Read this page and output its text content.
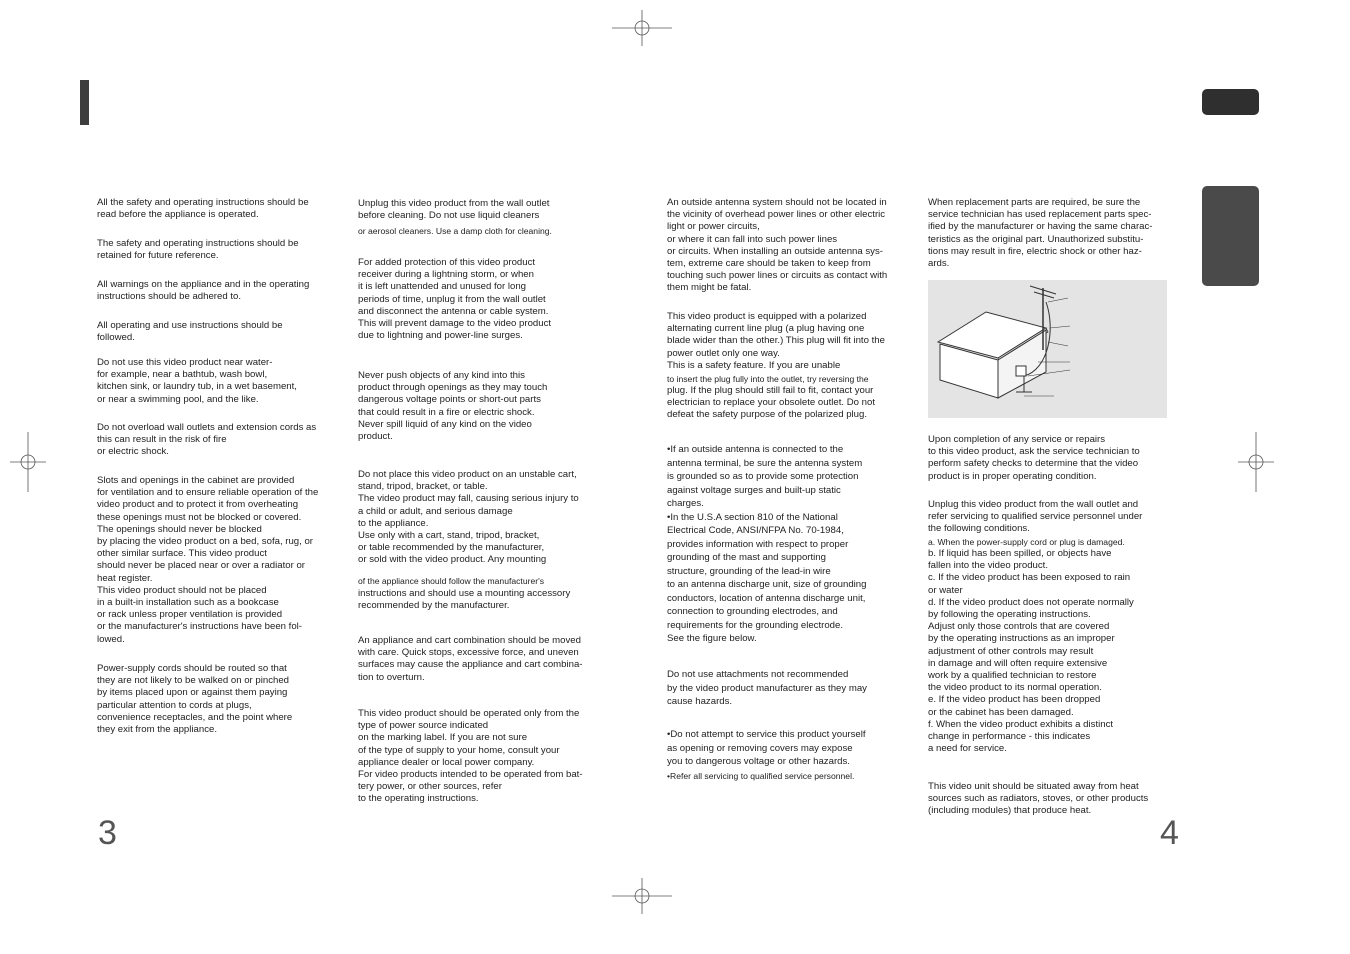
All the safety and operating instructions should be
read before the appliance is operated.

The safety and operating instructions should be
retained for future reference.

All warnings on the appliance and in the operating
instructions should be adhered to.

All operating and use instructions should be
followed.

Do not use this video product near water-
for example, near a bathtub, wash bowl,
kitchen sink, or laundry tub, in a wet basement,
or near a swimming pool, and the like.

Do not overload wall outlets and extension cords as
this can result in the risk of fire
or electric shock.

Slots and openings in the cabinet are provided
for ventilation and to ensure reliable operation of the
video product and to protect it from overheating
these openings must not be blocked or covered.
The openings should never be blocked
by placing the video product on a bed, sofa, rug, or
other similar surface. This video product
should never be placed near or over a radiator or
heat register.
This video product should not be placed
in a built-in installation such as a bookcase
or rack unless proper ventilation is provided
or the manufacturer's instructions have been fol-
lowed.

Power-supply cords should be routed so that
they are not likely to be walked on or pinched
by items placed upon or against them paying
particular attention to cords at plugs,
convenience receptacles, and the point where
they exit from the appliance.

Unplug this video product from the wall outlet
before cleaning. Do not use liquid cleaners

or aerosol cleaners. Use a damp cloth for cleaning.

For added protection of this video product
receiver during a lightning storm, or when
it is left unattended and unused for long
periods of time, unplug it from the wall outlet
and disconnect the antenna or cable system.
This will prevent damage to the video product
due to lightning and power-line surges.

Never push objects of any kind into this
product through openings as they may touch
dangerous voltage points or short-out parts
that could result in a fire or electric shock.
Never spill liquid of any kind on the video
product.

Do not place this video product on an unstable cart,
stand, tripod, bracket, or table.
The video product may fall, causing serious injury to
a child or adult, and serious damage
to the appliance.
Use only with a cart, stand, tripod, bracket,
or table recommended by the manufacturer,
or sold with the video product. Any mounting

of the appliance should follow the manufacturer's

instructions and should use a mounting accessory
recommended by the manufacturer.

An appliance and cart combination should be moved
with care. Quick stops, excessive force, and uneven
surfaces may cause the appliance and cart combina-
tion to overturn.

This video product should be operated only from the
type of power source indicated
on the marking label. If you are not sure
of the type of supply to your home, consult your
appliance dealer or local power company.
For video products intended to be operated from bat-
tery power, or other sources, refer
to the operating instructions.

An outside antenna system should not be located in
the vicinity of overhead power lines or other electric
light or power circuits,
or where it can fall into such power lines
or circuits. When installing an outside antenna sys-
tem, extreme care should be taken to keep from
touching such power lines or circuits as contact with
them might be fatal.

This video product is equipped with a polarized
alternating current line plug (a plug having one
blade wider than the other.) This plug will fit into the
power outlet only one way.
This is a safety feature. If you are unable

to insert the plug fully into the outlet, try reversing the

plug. If the plug should still fail to fit, contact your
electrician to replace your obsolete outlet. Do not
defeat the safety purpose of the polarized plug.

•If an outside antenna is connected to the
antenna terminal, be sure the antenna system
is grounded so as to provide some protection
against voltage surges and built-up static
charges.
•In the U.S.A section 810 of the National
Electrical Code, ANSI/NFPA No. 70-1984,
provides information with respect to proper
grounding of the mast and supporting
structure, grounding of the lead-in wire
to an antenna discharge unit, size of grounding
conductors, location of antenna discharge unit,
connection to grounding electrodes, and
requirements for the grounding electrode.
See the figure below.

Do not use attachments not recommended
by the video product manufacturer as they may
cause hazards.

•Do not attempt to service this product yourself
as opening or removing covers may expose
you to dangerous voltage or other hazards.

•Refer all servicing to qualified service personnel.

When replacement parts are required, be sure the
service technician has used replacement parts spec-
ified by the manufacturer or having the same charac-
teristics as the original part. Unauthorized substitu-
tions may result in fire, electric shock or other haz-
ards.

Upon completion of any service or repairs
to this video product, ask the service technician to
perform safety checks to determine that the video
product is in proper operating condition.

Unplug this video product from the wall outlet and
refer servicing to qualified service personnel under
the following conditions.

a. When the power-supply cord or plug is damaged.

b. If liquid has been spilled, or objects have
fallen into the video product.
c. If the video product has been exposed to rain
or water
d. If the video product does not operate normally
by following the operating instructions.
Adjust only those controls that are covered
by the operating instructions as an improper
adjustment of other controls may result
in damage and will often require extensive
work by a qualified technician to restore
the video product to its normal operation.
e. If the video product has been dropped
or the cabinet has been damaged.
f. When the video product exhibits a distinct
change in performance - this indicates
a need for service.

This video unit should be situated away from heat
sources such as radiators, stoves, or other products
(including modules) that produce heat.

3	4
